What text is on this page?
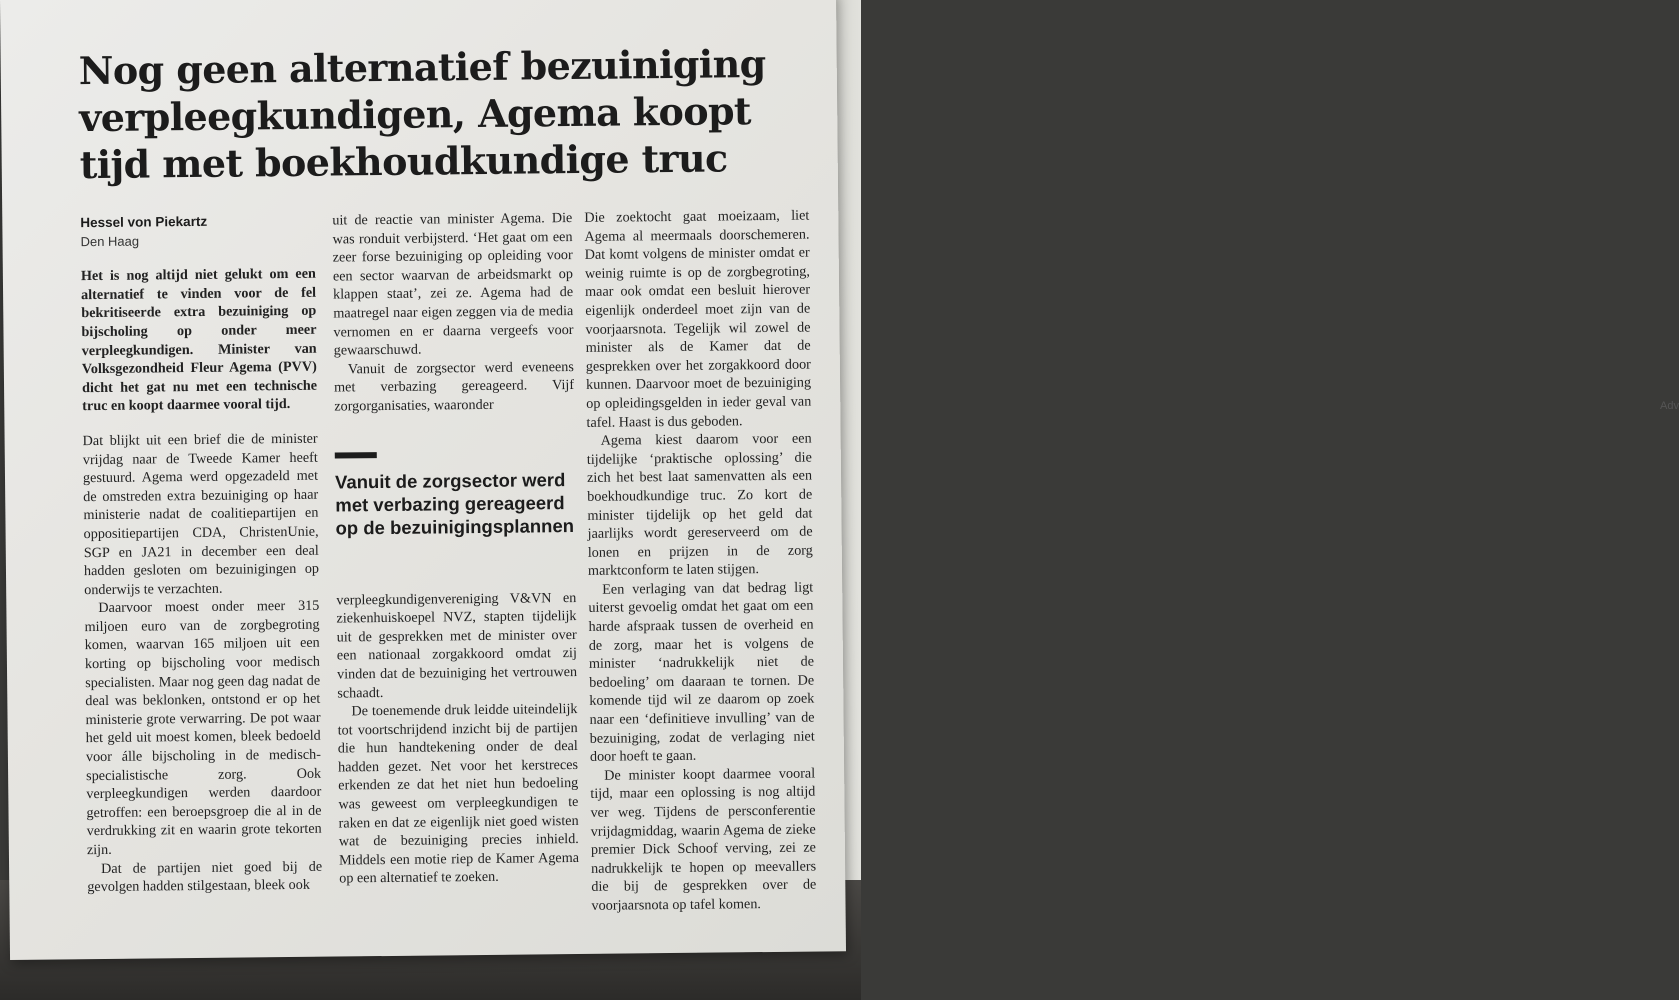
Adv
Nog geen alternatief bezuiniging verpleegkundigen, Agema koopt tijd met boekhoudkundige truc
Hessel von Piekartz
Den Haag

Het is nog altijd niet gelukt om een alternatief te vinden voor de fel bekritiseerde extra bezuiniging op bijscholing op onder meer verpleegkundigen. Minister van Volksgezondheid Fleur Agema (PVV) dicht het gat nu met een technische truc en koopt daarmee vooral tijd.

Dat blijkt uit een brief die de minister vrijdag naar de Tweede Kamer heeft gestuurd. Agema werd opgezadeld met de omstreden extra bezuiniging op haar ministerie nadat de coalitiepartijen en oppositiepartijen CDA, ChristenUnie, SGP en JA21 in december een deal hadden gesloten om bezuinigingen op onderwijs te verzachten.

Daarvoor moest onder meer 315 miljoen euro van de zorgbegroting komen, waarvan 165 miljoen uit een korting op bijscholing voor medisch specialisten. Maar nog geen dag nadat de deal was beklonken, ontstond er op het ministerie grote verwarring. De pot waar het geld uit moest komen, bleek bedoeld voor álle bijscholing in de medisch-specialistische zorg. Ook verpleegkundigen werden daardoor getroffen: een beroepsgroep die al in de verdrukking zit en waarin grote tekorten zijn.

Dat de partijen niet goed bij de gevolgen hadden stilgestaan, bleek ook

uit de reactie van minister Agema. Die was ronduit verbijsterd. ‘Het gaat om een zeer forse bezuiniging op opleiding voor een sector waarvan de arbeidsmarkt op klappen staat’, zei ze. Agema had de maatregel naar eigen zeggen via de media vernomen en er daarna vergeefs voor gewaarschuwd.

Vanuit de zorgsector werd eveneens met verbazing gereageerd. Vijf zorgorganisaties, waaronder

Vanuit de zorgsector werd met verbazing gereageerd op de bezuinigingsplannen

verpleegkundigenvereniging V&VN en ziekenhuiskoepel NVZ, stapten tijdelijk uit de gesprekken met de minister over een nationaal zorgakkoord omdat zij vinden dat de bezuiniging het vertrouwen schaadt.

De toenemende druk leidde uiteindelijk tot voortschrijdend inzicht bij de partijen die hun handtekening onder de deal hadden gezet. Net voor het kerstreces erkenden ze dat het niet hun bedoeling was geweest om verpleegkundigen te raken en dat ze eigenlijk niet goed wisten wat de bezuiniging precies inhield. Middels een motie riep de Kamer Agema op een alternatief te zoeken.

Die zoektocht gaat moeizaam, liet Agema al meermaals doorschemeren. Dat komt volgens de minister omdat er weinig ruimte is op de zorgbegroting, maar ook omdat een besluit hierover eigenlijk onderdeel moet zijn van de voorjaarsnota. Tegelijk wil zowel de minister als de Kamer dat de gesprekken over het zorgakkoord door kunnen. Daarvoor moet de bezuiniging op opleidingsgelden in ieder geval van tafel. Haast is dus geboden.

Agema kiest daarom voor een tijdelijke ‘praktische oplossing’ die zich het best laat samenvatten als een boekhoudkundige truc. Zo kort de minister tijdelijk op het geld dat jaarlijks wordt gereserveerd om de lonen en prijzen in de zorg marktconform te laten stijgen.

Een verlaging van dat bedrag ligt uiterst gevoelig omdat het gaat om een harde afspraak tussen de overheid en de zorg, maar het is volgens de minister ‘nadrukkelijk niet de bedoeling’ om daaraan te tornen. De komende tijd wil ze daarom op zoek naar een ‘definitieve invulling’ van de bezuiniging, zodat de verlaging niet door hoeft te gaan.

De minister koopt daarmee vooral tijd, maar een oplossing is nog altijd ver weg. Tijdens de persconferentie vrijdagmiddag, waarin Agema de zieke premier Dick Schoof verving, zei ze nadrukkelijk te hopen op meevallers die bij de gesprekken over de voorjaarsnota op tafel komen.
